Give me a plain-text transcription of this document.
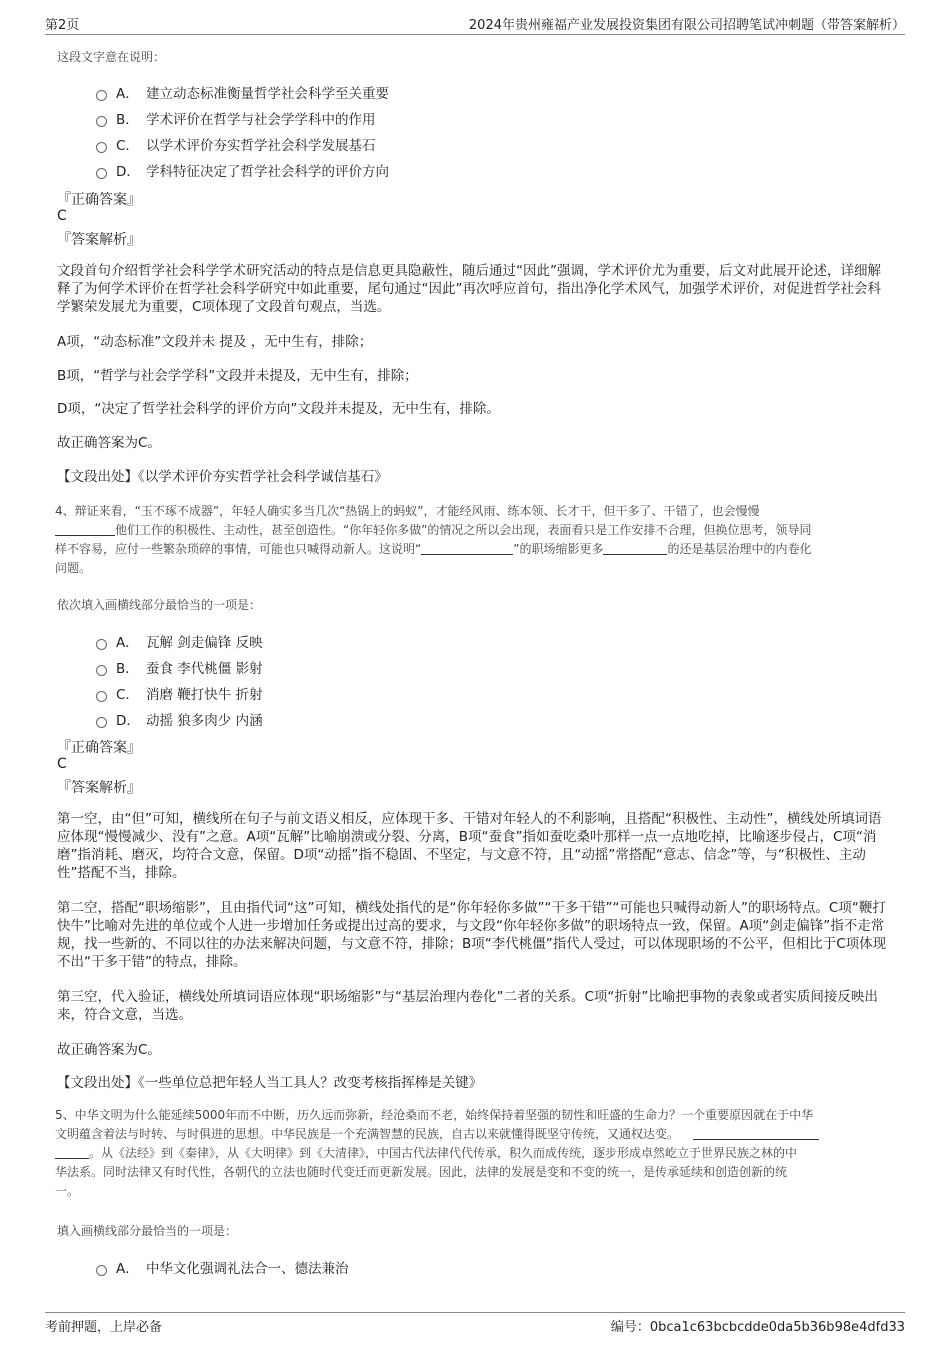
第2页	2024年贵州雍福产业发展投资集团有限公司招聘笔试冲刺题（带答案解析）
这段文字意在说明：
A． 建立动态标准衡量哲学社会科学至关重要
B． 学术评价在哲学与社会学学科中的作用
C． 以学术评价夯实哲学社会科学发展基石
D． 学科特征决定了哲学社会科学的评价方向
『正确答案』
C
『答案解析』
文段首句介绍哲学社会科学学术研究活动的特点是信息更具隐蔽性，随后通过“因此”强调，学术评价尤为重要，后文对此展开论述，详细解释了为何学术评价在哲学社会科学研究中如此重要，尾句通过“因此”再次呼应首句，指出净化学术风气，加强学术评价，对促进哲学社会科学繁荣发展尤为重要，C项体现了文段首句观点，当选。
A项，“动态标准”文段并未 提及 ，无中生有，排除；
B项，“哲学与社会学学科”文段并未提及，无中生有，排除；
D项，“决定了哲学社会科学的评价方向”文段并未提及，无中生有，排除。
故正确答案为C。
【文段出处】《以学术评价夯实哲学社会科学诚信基石》
4、辩证来看，“玉不琢不成器”，年轻人确实多当几次“热锅上的蚂蚁”，才能经风雨、练本领、长才干，但干多了、干错了，也会慢慢
他们工作的积极性、主动性，甚至创造性。“你年轻你多做”的情况之所以会出现，表面看只是工作安排不合理，但换位思考，领导同
样不容易，应付一些繁杂琐碎的事情，可能也只喊得动新人。这说明“	”的职场缩影更多	的还是基层治理中的内卷化
问题。
依次填入画横线部分最恰当的一项是：
A． 瓦解 剑走偏锋 反映
B． 蚕食 李代桃僵 影射
C． 消磨 鞭打快牛 折射
D． 动摇 狼多肉少 内涵
『正确答案』
C
『答案解析』
第一空，由“但”可知，横线所在句子与前文语义相反，应体现干多、干错对年轻人的不利影响，且搭配“积极性、主动性”，横线处所填词语应体现“慢慢减少、没有”之意。A项“瓦解”比喻崩溃或分裂、分离，B项“蚕食”指如蚕吃桑叶那样一点一点地吃掉，比喻逐步侵占，C项“消磨”指消耗、磨灭，均符合文意，保留。D项“动摇”指不稳固、不坚定，与文意不符，且“动摇”常搭配“意志、信念”等，与“积极性、主动性”搭配不当，排除。
第二空，搭配“职场缩影”，且由指代词“这”可知，横线处指代的是“你年轻你多做”“干多干错”“可能也只喊得动新人”的职场特点。C项“鞭打快牛”比喻对先进的单位或个人进一步增加任务或提出过高的要求，与文段“你年轻你多做”的职场特点一致，保留。A项“剑走偏锋”指不走常规，找一些新的、不同以往的办法来解决问题，与文意不符，排除；B项“李代桃僵”指代人受过，可以体现职场的不公平，但相比于C项体现不出“干多干错”的特点，排除。
第三空，代入验证，横线处所填词语应体现“职场缩影”与“基层治理内卷化”二者的关系。C项“折射”比喻把事物的表象或者实质间接反映出来，符合文意，当选。
故正确答案为C。
【文段出处】《一些单位总把年轻人当工具人？改变考核指挥棒是关键》
5、中华文明为什么能延续5000年而不中断，历久远而弥新，经沧桑而不老，始终保持着坚强的韧性和旺盛的生命力？一个重要原因就在于中华
文明蕴含着法与时转、与时俱进的思想。中华民族是一个充满智慧的民族，自古以来就懂得既坚守传统，又通权达变。
。从《法经》到《秦律》，从《大明律》到《大清律》，中国古代法律代代传承，积久而成传统，逐步形成卓然屹立于世界民族之林的中
华法系。同时法律又有时代性，各朝代的立法也随时代变迁而更新发展。因此，法律的发展是变和不变的统一，是传承延续和创造创新的统
一。
填入画横线部分最恰当的一项是：
A． 中华文化强调礼法合一、德法兼治
考前押题，上岸必备	编号：0bca1c63bcbcdde0da5b36b98e4dfd33
